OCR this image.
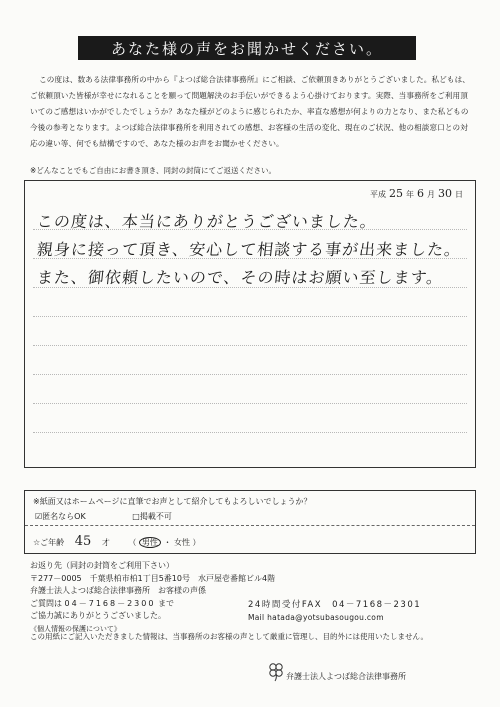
あなた様の声をお聞かせください。
この度は、数ある法律事務所の中から『よつば総合法律事務所』にご相談、ご依頼頂きありがとうございました。私どもは、ご依頼頂いた皆様が幸せになれることを願って問題解決のお手伝いができるよう心掛けております。実際、当事務所をご利用頂いてのご感想はいかがでしたでしょうか？あなた様がどのように感じられたか、率直な感想が何よりの力となり、また私どもの今後の参考となります。よつば総合法律事務所を利用されての感想、お客様の生活の変化、現在のご状況、他の相談窓口との対応の違い等、何でも結構ですので、あなた様のお声をお聞かせください。
※どんなことでもご自由にお書き頂き、同封の封筒にてご返送ください。
平成 25 年 6 月 30 日
この度は、本当にありがとうございました。
親身に接って頂き、安心して相談する事が出来ました。
また、御依頼したいので、その時はお願い至します。
※紙面又はホームページに直筆でお声として紹介してもよろしいでしょうか？
☑匿名ならOK	□掲載不可
☆ご年齢 45 才 （ 男性 ・ 女性 ）
お返り先（同封の封筒をご利用下さい）
〒277－0005　千葉県柏市柏1丁目5番10号　水戸屋壱番館ビル4階
弁護士法人よつば総合法律事務所　お客様の声係
ご質問は 04－7168－2300 まで
ご協力誠にありがとうございました。
《個人情報の保護について》
24時間受付FAX　04－7168－2301
Mail hatada@yotsubasougou.com
この用紙にご記入いただきました情報は、当事務所のお客様の声として厳重に管理し、目的外には使用いたしません。
弁護士法人よつば総合法律事務所
